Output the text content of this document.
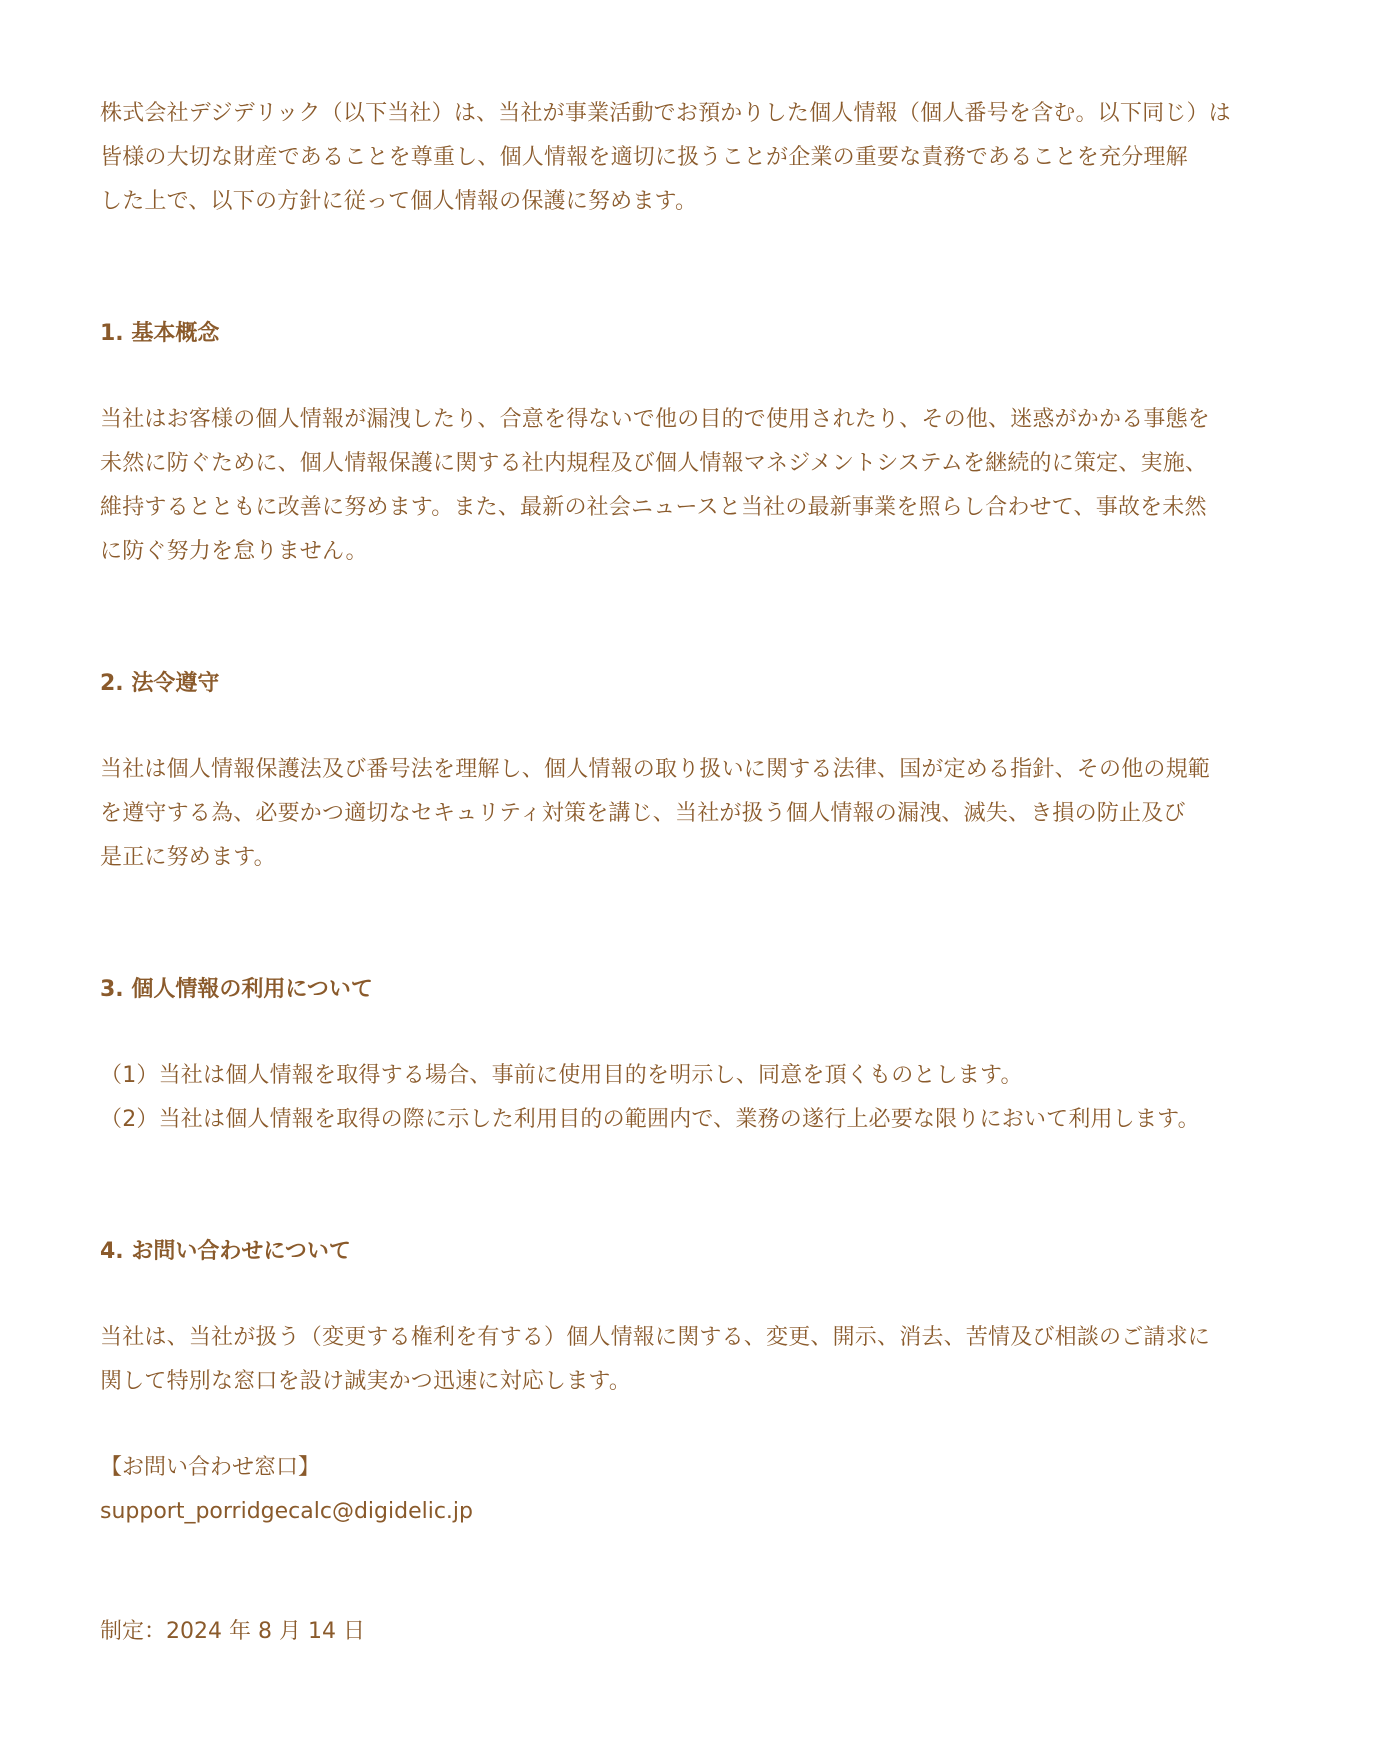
株式会社デジデリック（以下当社）は、当社が事業活動でお預かりした個人情報（個人番号を含む。以下同じ）は
皆様の大切な財産であることを尊重し、個人情報を適切に扱うことが企業の重要な責務であることを充分理解
した上で、以下の方針に従って個人情報の保護に努めます。

1. 基本概念

当社はお客様の個人情報が漏洩したり、合意を得ないで他の目的で使用されたり、その他、迷惑がかかる事態を
未然に防ぐために、個人情報保護に関する社内規程及び個人情報マネジメントシステムを継続的に策定、実施、
維持するとともに改善に努めます。また、最新の社会ニュースと当社の最新事業を照らし合わせて、事故を未然
に防ぐ努力を怠りません。

2. 法令遵守

当社は個人情報保護法及び番号法を理解し、個人情報の取り扱いに関する法律、国が定める指針、その他の規範
を遵守する為、必要かつ適切なセキュリティ対策を講じ、当社が扱う個人情報の漏洩、滅失、き損の防止及び
是正に努めます。

3. 個人情報の利用について

（1）当社は個人情報を取得する場合、事前に使用目的を明示し、同意を頂くものとします。
（2）当社は個人情報を取得の際に示した利用目的の範囲内で、業務の遂行上必要な限りにおいて利用します。

4. お問い合わせについて

当社は、当社が扱う（変更する権利を有する）個人情報に関する、変更、開示、消去、苦情及び相談のご請求に
関して特別な窓口を設け誠実かつ迅速に対応します。

【お問い合わせ窓口】
support_porridgecalc@digidelic.jp

制定：2024 年 8 月 14 日
